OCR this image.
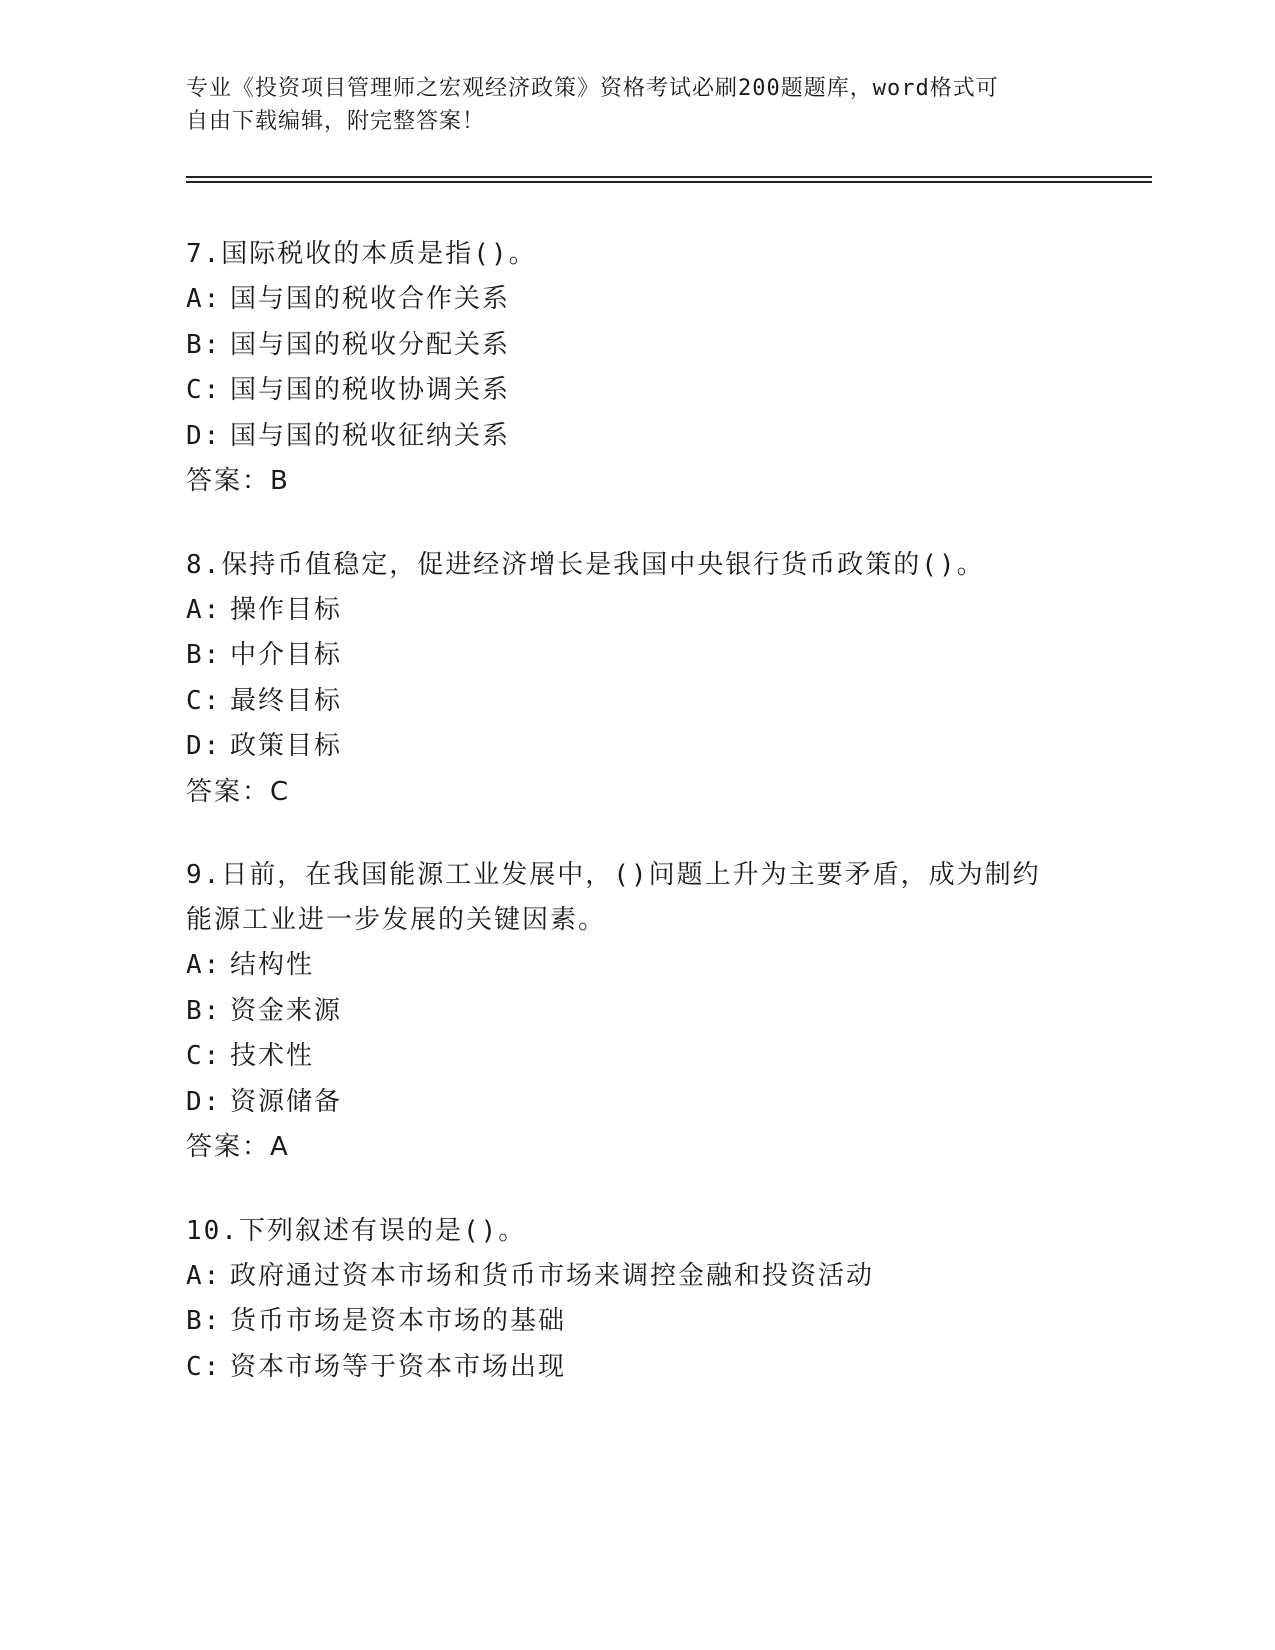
专业《投资项目管理师之宏观经济政策》资格考试必刷200题题库，word格式可
自由下载编辑，附完整答案！

7.国际税收的本质是指()。

A: 国与国的税收合作关系

B: 国与国的税收分配关系

C: 国与国的税收协调关系

D: 国与国的税收征纳关系

答案：B

8.保持币值稳定，促进经济增长是我国中央银行货币政策的()。

A: 操作目标

B: 中介目标

C: 最终目标

D: 政策目标

答案：C

9.日前，在我国能源工业发展中，()问题上升为主要矛盾，成为制约

能源工业进一步发展的关键因素。

A: 结构性

B: 资金来源

C: 技术性

D: 资源储备

答案：A

10.下列叙述有误的是()。

A: 政府通过资本市场和货币市场来调控金融和投资活动

B: 货币市场是资本市场的基础

C: 资本市场等于资本市场出现
